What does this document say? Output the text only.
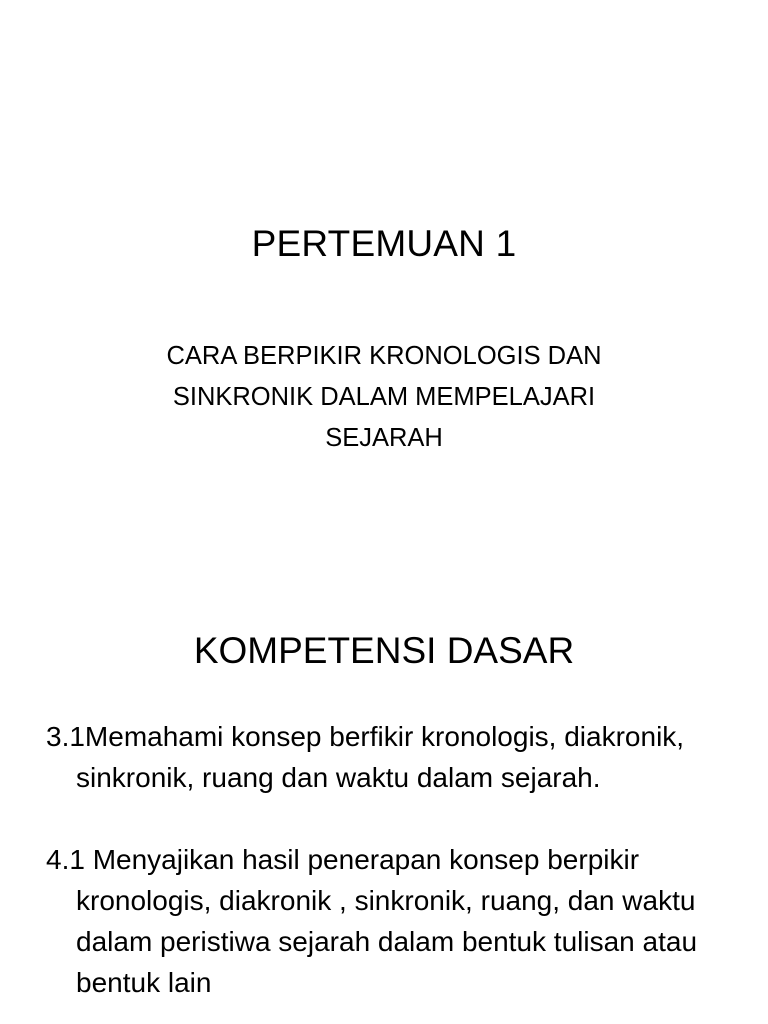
PERTEMUAN 1
CARA BERPIKIR KRONOLOGIS DAN
SINKRONIK DALAM MEMPELAJARI
SEJARAH
KOMPETENSI DASAR
3.1Memahami konsep berfikir kronologis, diakronik, sinkronik, ruang dan waktu dalam sejarah.
4.1 Menyajikan hasil penerapan konsep berpikir kronologis, diakronik , sinkronik, ruang, dan waktu dalam peristiwa sejarah dalam bentuk tulisan atau bentuk lain
